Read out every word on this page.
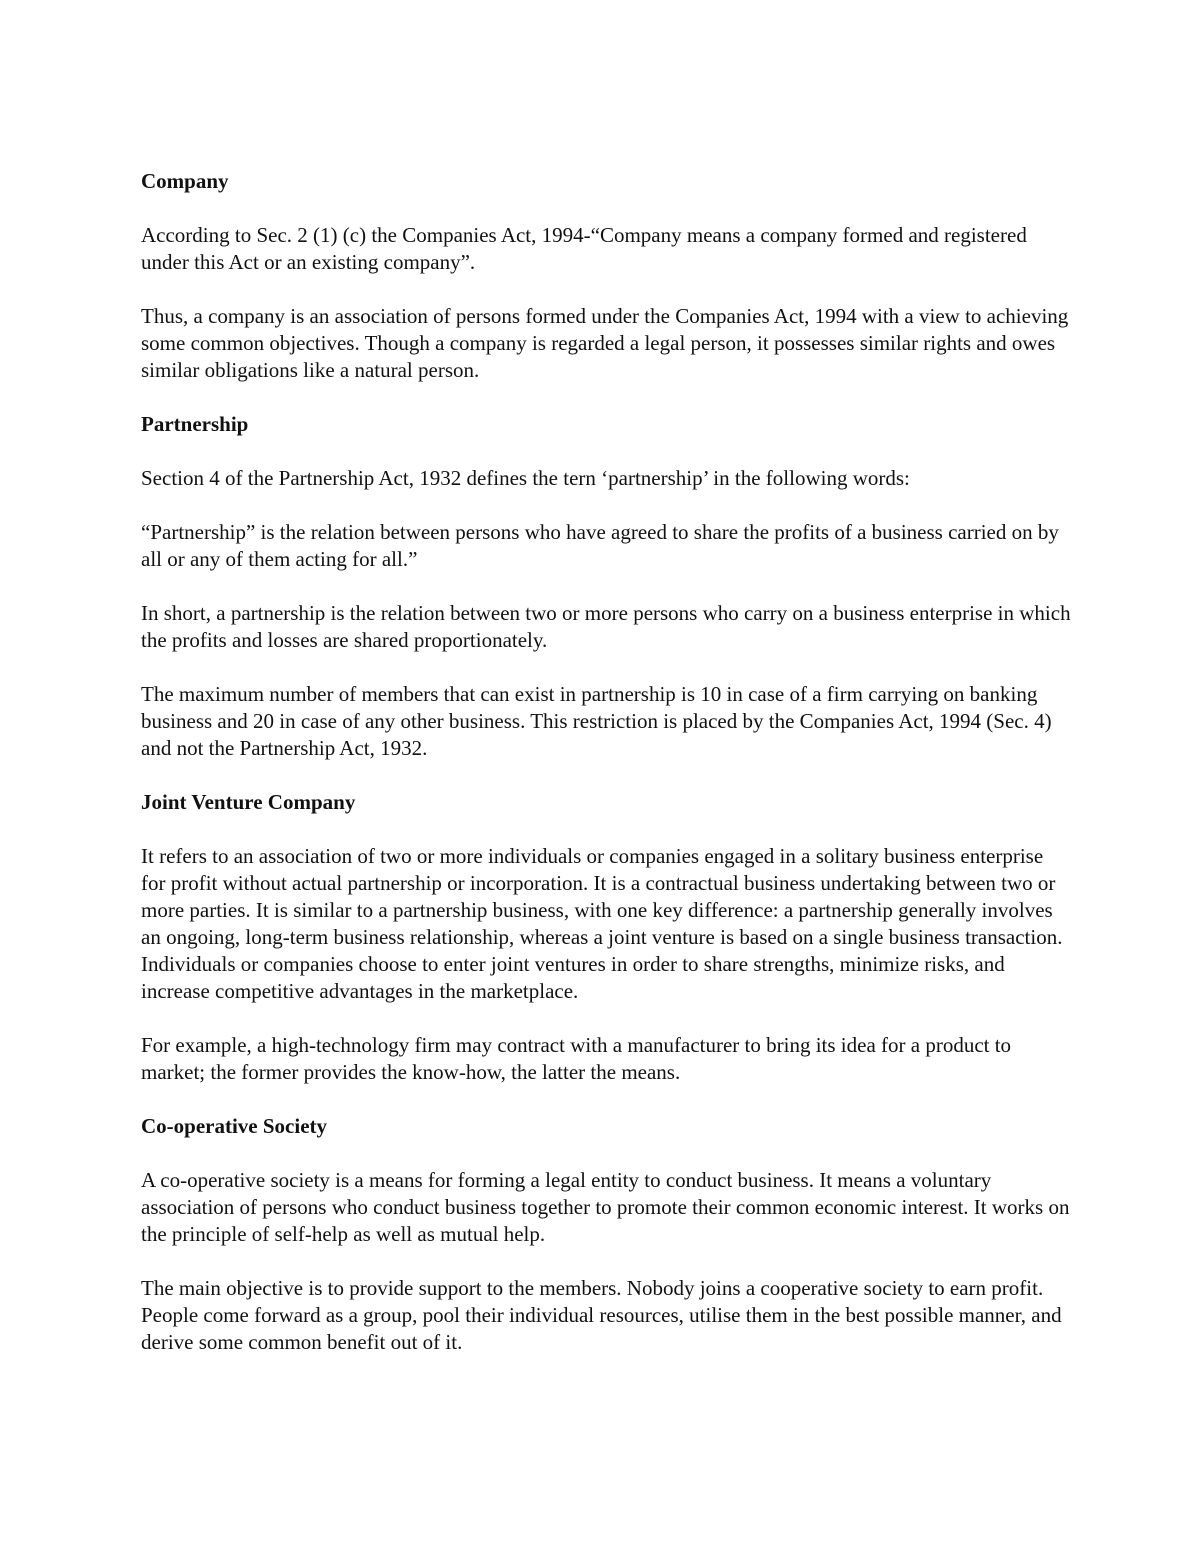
Company

According to Sec. 2 (1) (c) the Companies Act, 1994-“Company means a company formed and registered under this Act or an existing company”.

Thus, a company is an association of persons formed under the Companies Act, 1994 with a view to achieving some common objectives. Though a company is regarded a legal person, it possesses similar rights and owes similar obligations like a natural person.

Partnership

Section 4 of the Partnership Act, 1932 defines the tern ‘partnership’ in the following words:

“Partnership” is the relation between persons who have agreed to share the profits of a business carried on by all or any of them acting for all.”

In short, a partnership is the relation between two or more persons who carry on a business enterprise in which the profits and losses are shared proportionately.

The maximum number of members that can exist in partnership is 10 in case of a firm carrying on banking business and 20 in case of any other business. This restriction is placed by the Companies Act, 1994 (Sec. 4) and not the Partnership Act, 1932.

Joint Venture Company

It refers to an association of two or more individuals or companies engaged in a solitary business enterprise for profit without actual partnership or incorporation. It is a contractual business undertaking between two or more parties. It is similar to a partnership business, with one key difference: a partnership generally involves an ongoing, long-term business relationship, whereas a joint venture is based on a single business transaction. Individuals or companies choose to enter joint ventures in order to share strengths, minimize risks, and increase competitive advantages in the marketplace.

For example, a high-technology firm may contract with a manufacturer to bring its idea for a product to market; the former provides the know-how, the latter the means.

Co-operative Society

A co-operative society is a means for forming a legal entity to conduct business. It means a voluntary association of persons who conduct business together to promote their common economic interest. It works on the principle of self-help as well as mutual help.

The main objective is to provide support to the members. Nobody joins a cooperative society to earn profit. People come forward as a group, pool their individual resources, utilise them in the best possible manner, and derive some common benefit out of it.
